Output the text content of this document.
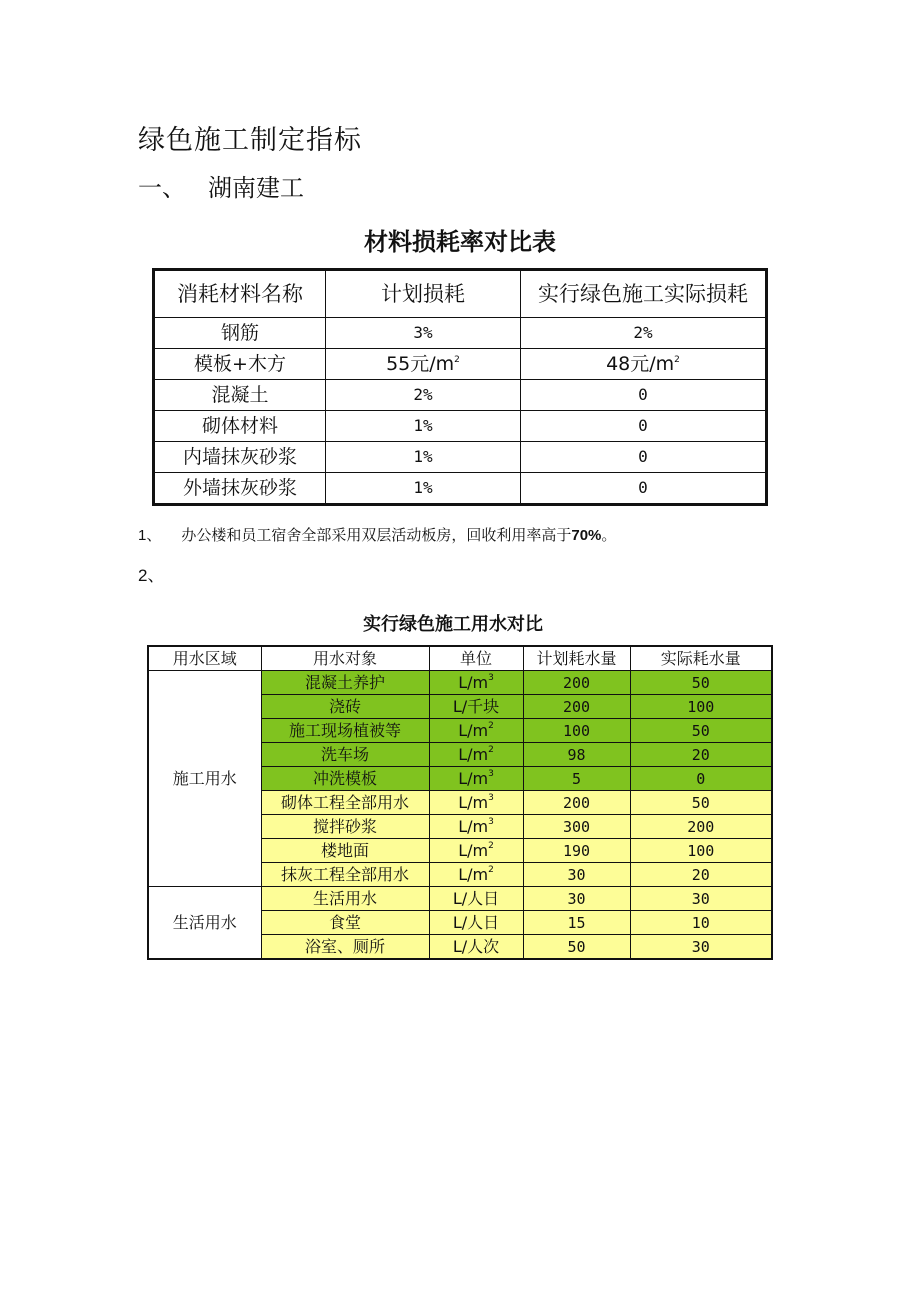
绿色施工制定指标
一、 湖南建工
材料损耗率对比表
消耗材料名称	计划损耗	实行绿色施工实际损耗
钢筋	3%	2%
模板+木方	55元$/m^2$	48元$/m^2$
混凝土	2%	0
砌体材料	1%	0
内墙抹灰砂浆	1%	0
外墙抹灰砂浆	1%	0
1、 办公楼和员工宿舍全部采用双层活动板房，回收利用率高于70%。
2、
实行绿色施工用水对比
用水区域	用水对象	单位	计划耗水量	实际耗水量
施工用水	混凝土养护	$L/m^3$	200	50
	浇砖	L/千块	200	100
	施工现场植被等	$L/m^2$	100	50
	洗车场	$L/m^2$	98	20
	冲洗模板	$L/m^3$	5	0
	砌体工程全部用水	$L/m^3$	200	50
	搅拌砂浆	$L/m^3$	300	200
	楼地面	$L/m^2$	190	100
	抹灰工程全部用水	$L/m^2$	30	20
生活用水	生活用水	L/人日	30	30
	食堂	L/人日	15	10
	浴室、厕所	L/人次	50	30
